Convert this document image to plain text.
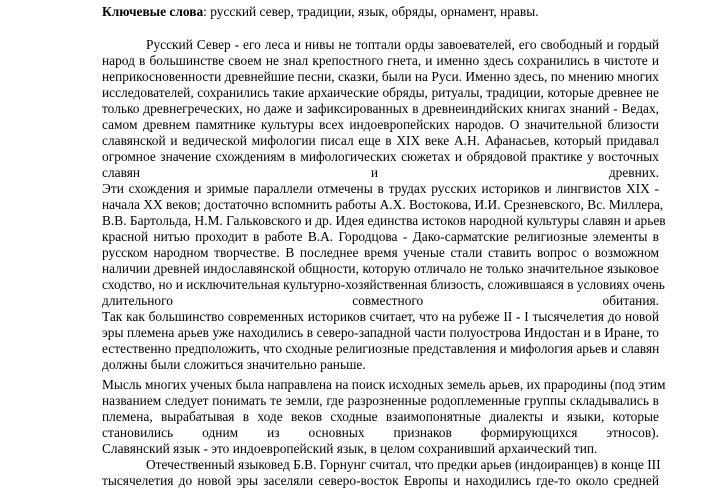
Ключевые слова: русский север, традиции, язык, обряды, орнамент, нравы.
Русский Север - его леса и нивы не топтали орды завоевателей, его свободный и гордый
народ в большинстве своем не знал крепостного гнета, и именно здесь сохранились в чистоте и
неприкосновенности древнейшие песни, сказки, были на Руси. Именно здесь, по мнению многих
исследователей, сохранились такие архаические обряды, ритуалы, традиции, которые древнее не
только древнегреческих, но даже и зафиксированных в древнеиндийских книгах знаний - Ведах,
самом древнем памятнике культуры всех индоевропейских народов. О значительной близости
славянской и ведической мифологии писал еще в XIX веке А.Н. Афанасьев, который придавал
огромное значение схождениям в мифологических сюжетах и обрядовой практике у восточных
славян и древних.
Эти схождения и зримые параллели отмечены в трудах русских историков и лингвистов XIX -
начала XX веков; достаточно вспомнить работы А.Х. Востокова, И.И. Срезневского, Вс. Миллера,
В.В. Бартольда, Н.М. Гальковского и др. Идея единства истоков народной культуры славян и арьев
красной нитью проходит в работе В.А. Городцова - Дако-сарматские религиозные элементы в
русском народном творчестве. В последнее время ученые стали ставить вопрос о возможном
наличии древней индославянской общности, которую отличало не только значительное языковое
сходство, но и исключительная культурно-хозяйственная близость, сложившаяся в условиях очень
длительного совместного обитания.
Так как большинство современных историков считает, что на рубеже II - I тысячелетия до новой
эры племена арьев уже находились в северо-западной части полуострова Индостан и в Иране, то
естественно предположить, что сходные религиозные представления и мифология арьев и славян
должны были сложиться значительно раньше.
Мысль многих ученых была направлена на поиск исходных земель арьев, их прародины (под этим
названием следует понимать те земли, где разрозненные родоплеменные группы складывались в
племена, вырабатывая в ходе веков сходные взаимопонятные диалекты и языки, которые
становились одним из основных признаков формирующихся этносов).
Славянский язык - это индоевропейский язык, в целом сохранивший архаический тип.
Отечественный языковед Б.В. Горнунг считал, что предки арьев (индоиранцев) в конце III
тысячелетия до новой эры заселяли северо-восток Европы и находились где-то около средней
